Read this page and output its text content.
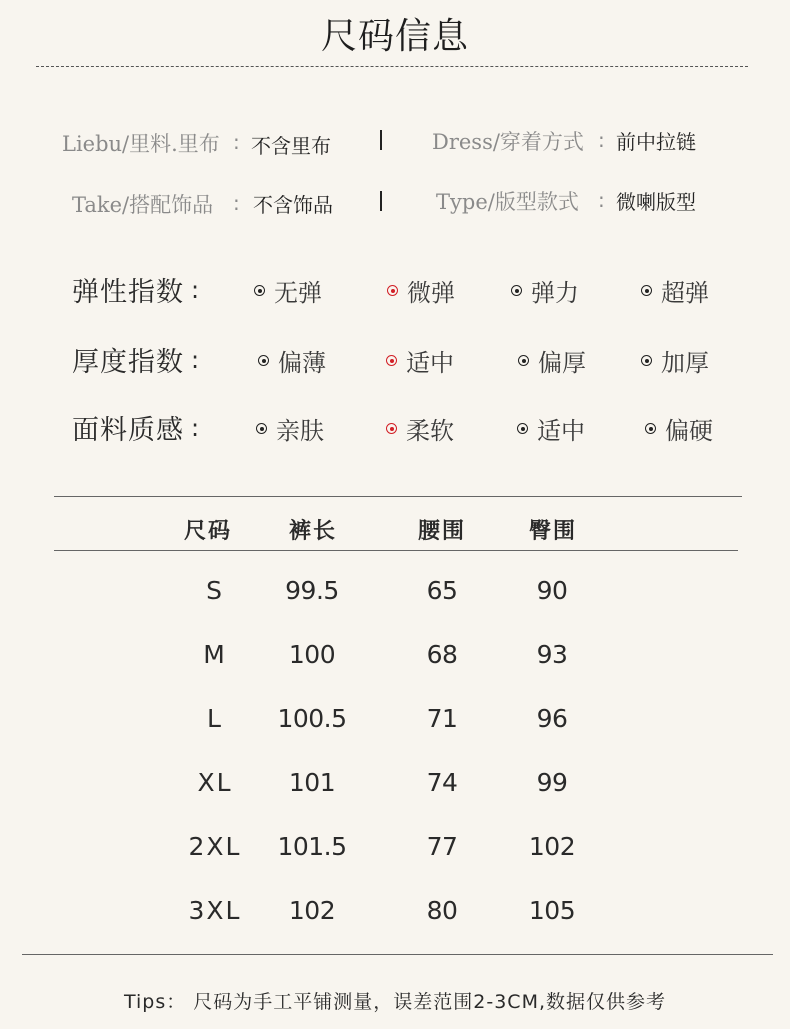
尺码信息
Liebu/里料.里布 : 不含里布	Dress/穿着方式 : 前中拉链
Take/搭配饰品 : 不含饰品	Type/版型款式 : 微喇版型
弹性指数 :	无弹	微弹	弹力	超弹
厚度指数 :	偏薄	适中	偏厚	加厚
面料质感 :	亲肤	柔软	适中	偏硬
尺码	裤长	腰围	臀围
S	99.5	65	90
M	100	68	93
L	100.5	71	96
XL	101	74	99
2XL	101.5	77	102
3XL	102	80	105
Tips： 尺码为手工平铺测量，误差范围2-3CM,数据仅供参考
